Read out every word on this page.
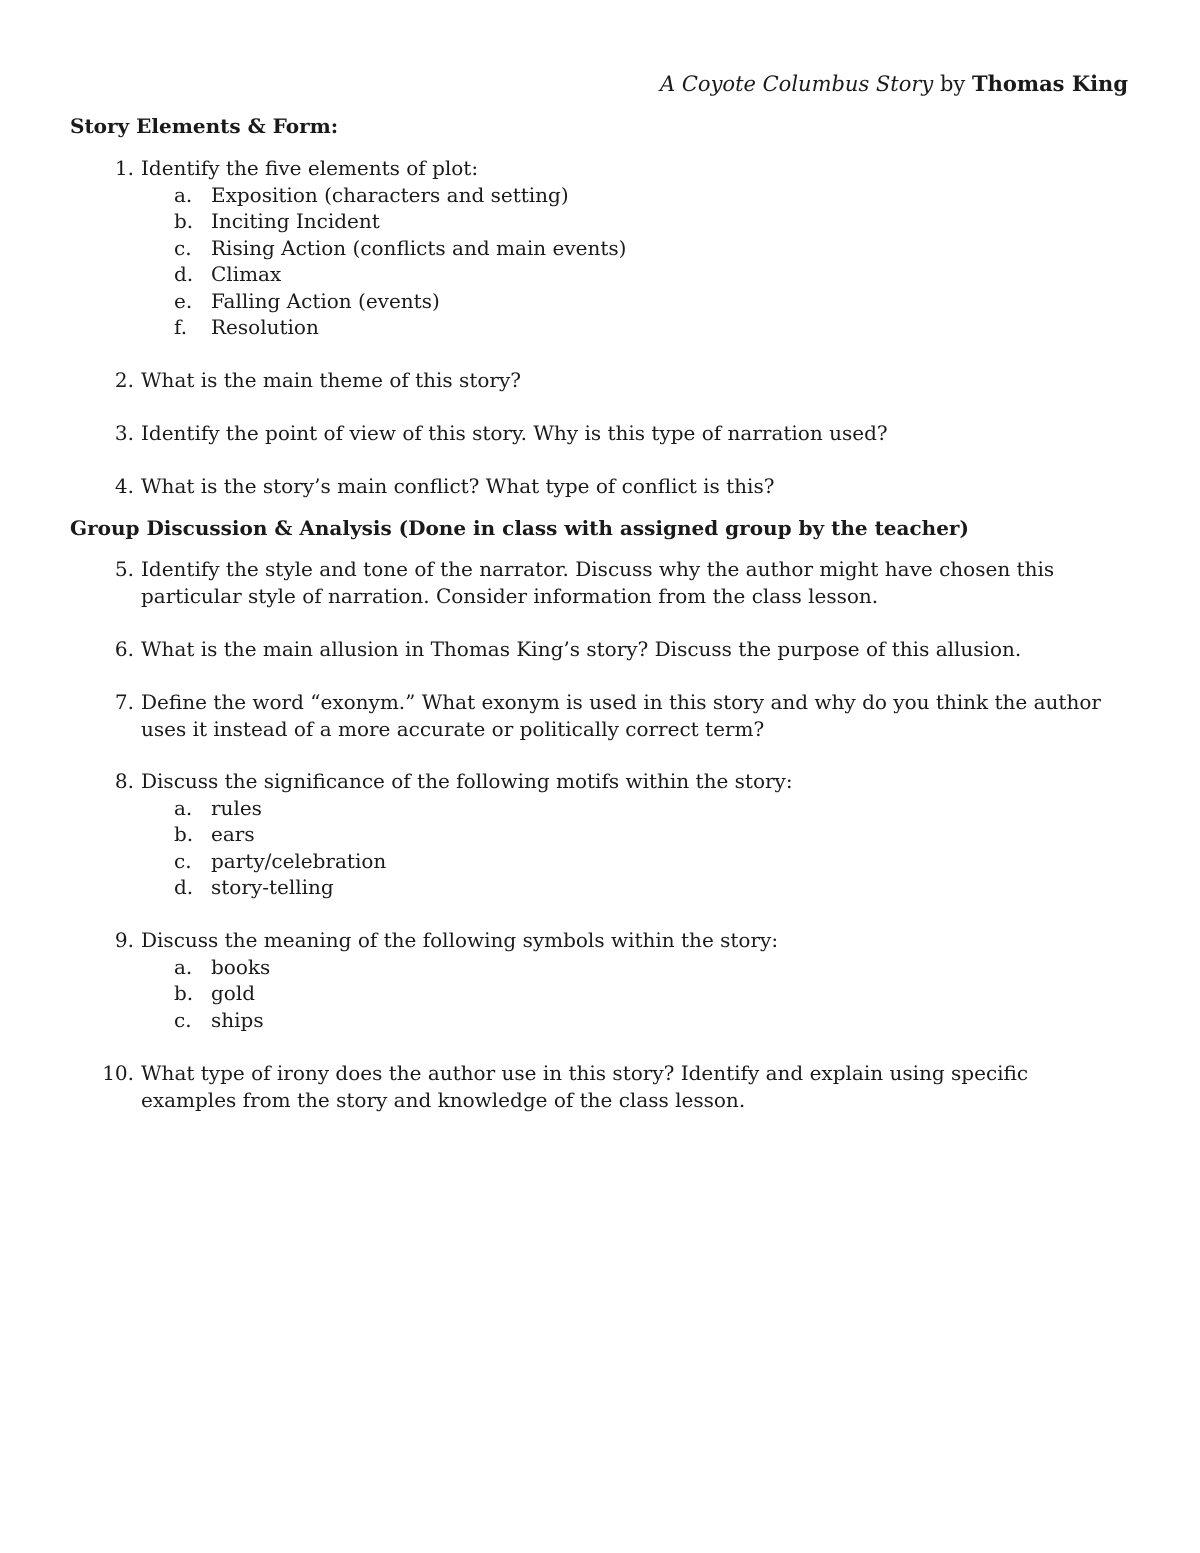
A Coyote Columbus Story by Thomas King
Story Elements & Form:
1. Identify the five elements of plot:
a. Exposition (characters and setting)
b. Inciting Incident
c. Rising Action (conflicts and main events)
d. Climax
e. Falling Action (events)
f.	Resolution
2. What is the main theme of this story?
3. Identify the point of view of this story. Why is this type of narration used?
4. What is the story’s main conflict? What type of conflict is this?
Group Discussion & Analysis (Done in class with assigned group by the teacher)
5. Identify the style and tone of the narrator. Discuss why the author might have chosen this particular style of narration. Consider information from the class lesson.
6. What is the main allusion in Thomas King’s story? Discuss the purpose of this allusion.
7. Define the word “exonym.” What exonym is used in this story and why do you think the author uses it instead of a more accurate or politically correct term?
8. Discuss the significance of the following motifs within the story:
a. rules
b. ears
c. party/celebration
d. story-telling
9. Discuss the meaning of the following symbols within the story:
a. books
b. gold
c. ships
10. What type of irony does the author use in this story? Identify and explain using specific examples from the story and knowledge of the class lesson.
